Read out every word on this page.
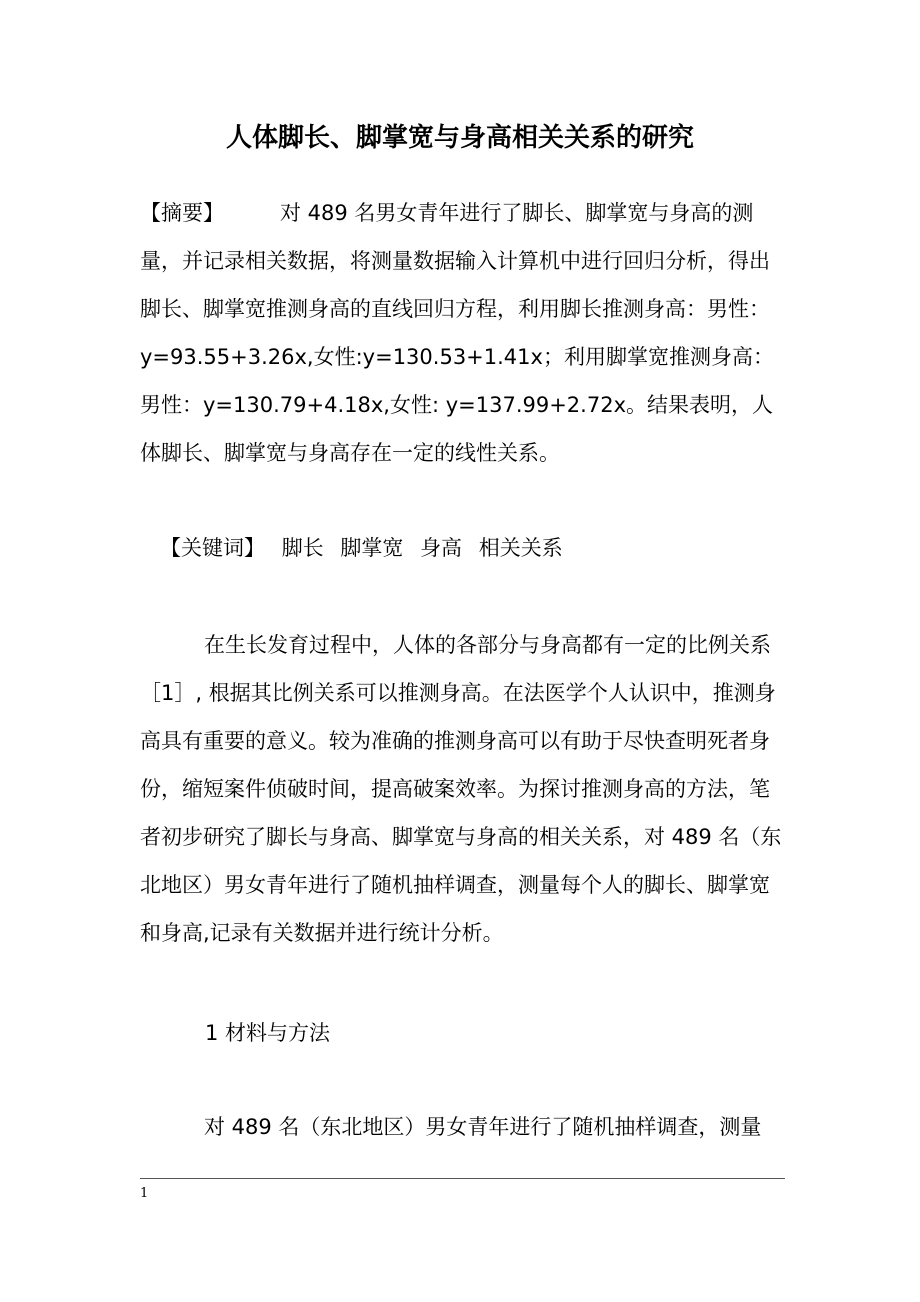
人体脚长、脚掌宽与身高相关关系的研究
【摘要】	对 489 名男女青年进行了脚长、脚掌宽与身高的测量，并记录相关数据，将测量数据输入计算机中进行回归分析，得出脚长、脚掌宽推测身高的直线回归方程，利用脚长推测身高：男性：y=93.55+3.26x,女性:y=130.53+1.41x；利用脚掌宽推测身高：男性：y=130.79+4.18x,女性: y=137.99+2.72x。结果表明，人体脚长、脚掌宽与身高存在一定的线性关系。
【关键词】 脚长 脚掌宽 身高 相关关系
在生长发育过程中，人体的各部分与身高都有一定的比例关系［1］, 根据其比例关系可以推测身高。在法医学个人认识中，推测身高具有重要的意义。较为准确的推测身高可以有助于尽快查明死者身份，缩短案件侦破时间，提高破案效率。为探讨推测身高的方法，笔者初步研究了脚长与身高、脚掌宽与身高的相关关系，对 489 名（东北地区）男女青年进行了随机抽样调查，测量每个人的脚长、脚掌宽和身高,记录有关数据并进行统计分析。
1 材料与方法
对 489 名（东北地区）男女青年进行了随机抽样调查，测量
1
